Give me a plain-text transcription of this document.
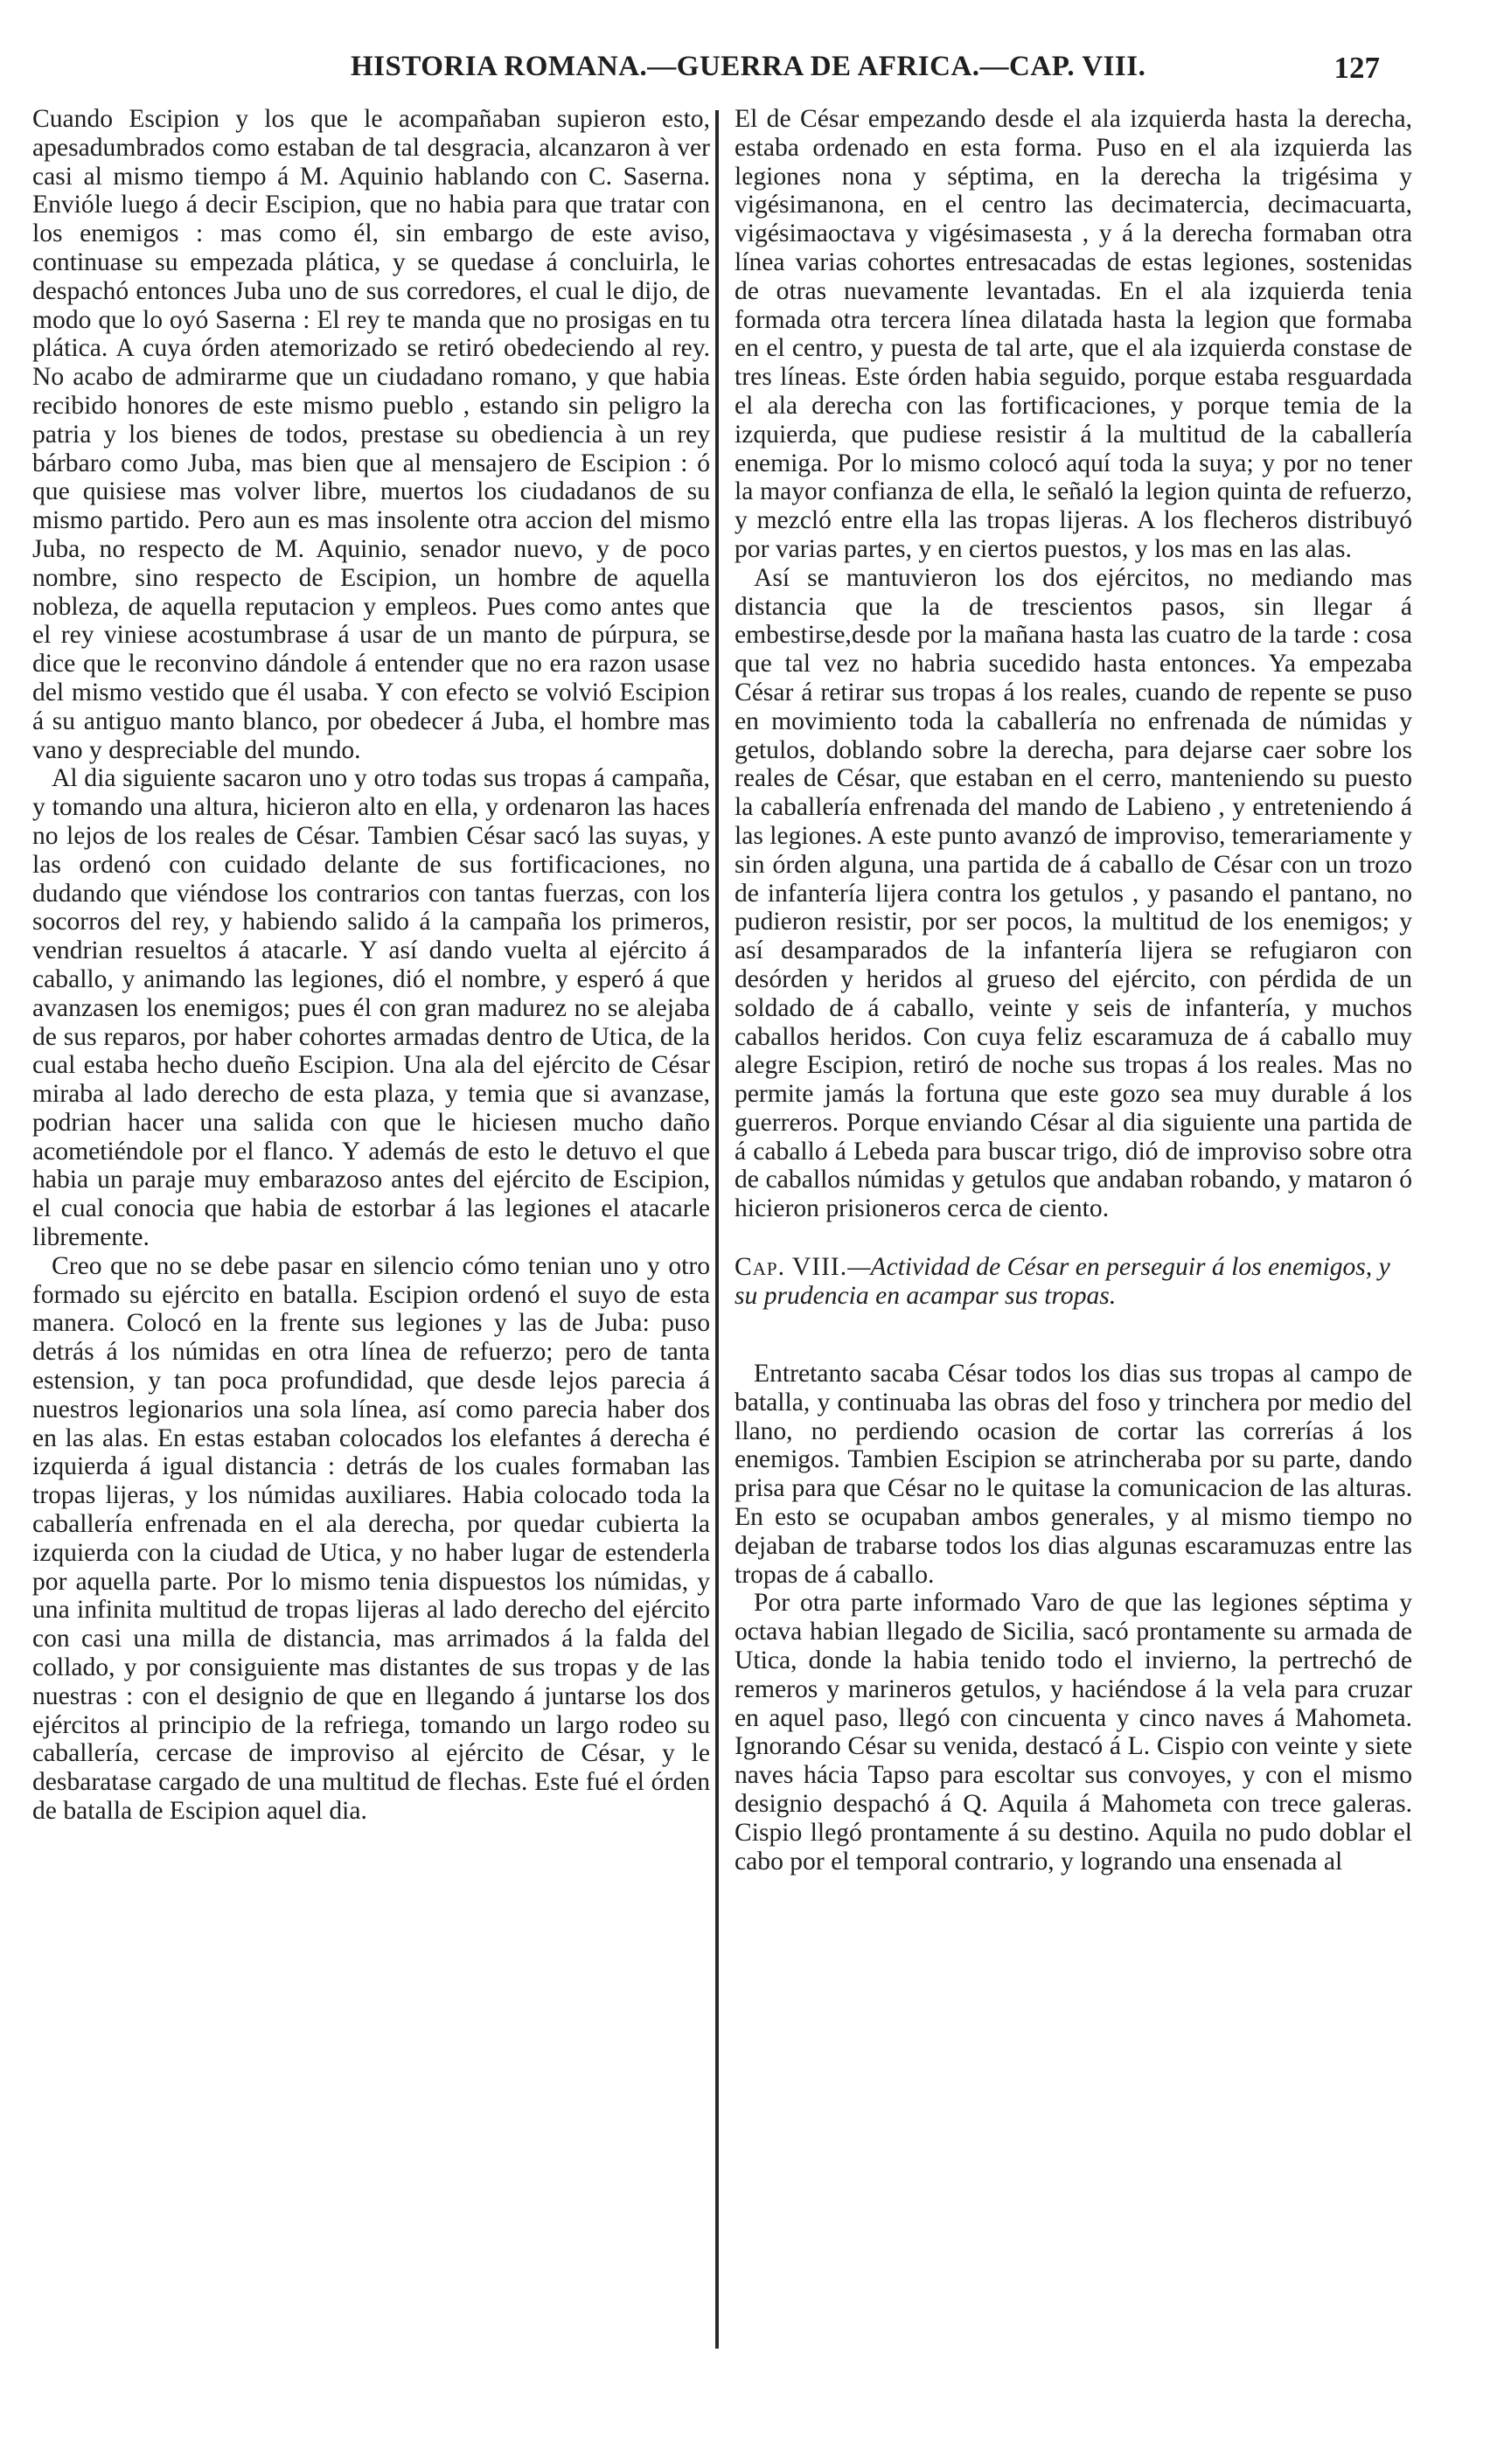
HISTORIA ROMANA.—GUERRA DE AFRICA.—CAP. VIII.	127

Cuando Escipion y los que le acompañaban supieron esto, apesadumbrados como estaban de tal desgracia, alcanzaron à ver casi al mismo tiempo á M. Aquinio hablando con C. Saserna. Envióle luego á decir Escipion, que no habia para que tratar con los enemigos : mas como él, sin embargo de este aviso, continuase su empezada plática, y se quedase á concluirla, le despachó entonces Juba uno de sus corredores, el cual le dijo, de modo que lo oyó Saserna : El rey te manda que no prosigas en tu plática. A cuya órden atemorizado se retiró obedeciendo al rey. No acabo de admirarme que un ciudadano romano, y que habia recibido honores de este mismo pueblo , estando sin peligro la patria y los bienes de todos, prestase su obediencia à un rey bárbaro como Juba, mas bien que al mensajero de Escipion : ó que quisiese mas volver libre, muertos los ciudadanos de su mismo partido. Pero aun es mas insolente otra accion del mismo Juba, no respecto de M. Aquinio, senador nuevo, y de poco nombre, sino respecto de Escipion, un hombre de aquella nobleza, de aquella reputacion y empleos. Pues como antes que el rey viniese acostumbrase á usar de un manto de púrpura, se dice que le reconvino dándole á entender que no era razon usase del mismo vestido que él usaba. Y con efecto se volvió Escipion á su antiguo manto blanco, por obedecer á Juba, el hombre mas vano y despreciable del mundo.

Al dia siguiente sacaron uno y otro todas sus tropas á campaña, y tomando una altura, hicieron alto en ella, y ordenaron las haces no lejos de los reales de César. Tambien César sacó las suyas, y las ordenó con cuidado delante de sus fortificaciones, no dudando que viéndose los contrarios con tantas fuerzas, con los socorros del rey, y habiendo salido á la campaña los primeros, vendrian resueltos á atacarle. Y así dando vuelta al ejército á caballo, y animando las legiones, dió el nombre, y esperó á que avanzasen los enemigos; pues él con gran madurez no se alejaba de sus reparos, por haber cohortes armadas dentro de Utica, de la cual estaba hecho dueño Escipion. Una ala del ejército de César miraba al lado derecho de esta plaza, y temia que si avanzase, podrian hacer una salida con que le hiciesen mucho daño acometiéndole por el flanco. Y además de esto le detuvo el que habia un paraje muy embarazoso antes del ejército de Escipion, el cual conocia que habia de estorbar á las legiones el atacarle libremente.

Creo que no se debe pasar en silencio cómo tenian uno y otro formado su ejército en batalla. Escipion ordenó el suyo de esta manera. Colocó en la frente sus legiones y las de Juba: puso detrás á los númidas en otra línea de refuerzo; pero de tanta estension, y tan poca profundidad, que desde lejos parecia á nuestros legionarios una sola línea, así como parecia haber dos en las alas. En estas estaban colocados los elefantes á derecha é izquierda á igual distancia : detrás de los cuales formaban las tropas lijeras, y los númidas auxiliares. Habia colocado toda la caballería enfrenada en el ala derecha, por quedar cubierta la izquierda con la ciudad de Utica, y no haber lugar de estenderla por aquella parte. Por lo mismo tenia dispuestos los númidas, y una infinita multitud de tropas lijeras al lado derecho del ejército con casi una milla de distancia, mas arrimados á la falda del collado, y por consiguiente mas distantes de sus tropas y de las nuestras : con el designio de que en llegando á juntarse los dos ejércitos al principio de la refriega, tomando un largo rodeo su caballería, cercase de improviso al ejército de César, y le desbaratase cargado de una multitud de flechas. Este fué el órden de batalla de Escipion aquel dia.

El de César empezando desde el ala izquierda hasta la derecha, estaba ordenado en esta forma. Puso en el ala izquierda las legiones nona y séptima, en la derecha la trigésima y vigésimanona, en el centro las decimatercia, decimacuarta, vigésimaoctava y vigésimasesta , y á la derecha formaban otra línea varias cohortes entresacadas de estas legiones, sostenidas de otras nuevamente levantadas. En el ala izquierda tenia formada otra tercera línea dilatada hasta la legion que formaba en el centro, y puesta de tal arte, que el ala izquierda constase de tres líneas. Este órden habia seguido, porque estaba resguardada el ala derecha con las fortificaciones, y porque temia de la izquierda, que pudiese resistir á la multitud de la caballería enemiga. Por lo mismo colocó aquí toda la suya; y por no tener la mayor confianza de ella, le señaló la legion quinta de refuerzo, y mezcló entre ella las tropas lijeras. A los flecheros distribuyó por varias partes, y en ciertos puestos, y los mas en las alas.

Así se mantuvieron los dos ejércitos, no mediando mas distancia que la de trescientos pasos, sin llegar á embestirse,desde por la mañana hasta las cuatro de la tarde : cosa que tal vez no habria sucedido hasta entonces. Ya empezaba César á retirar sus tropas á los reales, cuando de repente se puso en movimiento toda la caballería no enfrenada de númidas y getulos, doblando sobre la derecha, para dejarse caer sobre los reales de César, que estaban en el cerro, manteniendo su puesto la caballería enfrenada del mando de Labieno , y entreteniendo á las legiones. A este punto avanzó de improviso, temerariamente y sin órden alguna, una partida de á caballo de César con un trozo de infantería lijera contra los getulos , y pasando el pantano, no pudieron resistir, por ser pocos, la multitud de los enemigos; y así desamparados de la infantería lijera se refugiaron con desórden y heridos al grueso del ejército, con pérdida de un soldado de á caballo, veinte y seis de infantería, y muchos caballos heridos. Con cuya feliz escaramuza de á caballo muy alegre Escipion, retiró de noche sus tropas á los reales. Mas no permite jamás la fortuna que este gozo sea muy durable á los guerreros. Porque enviando César al dia siguiente una partida de á caballo á Lebeda para buscar trigo, dió de improviso sobre otra de caballos númidas y getulos que andaban robando, y mataron ó hicieron prisioneros cerca de ciento.

Cap. VIII.—Actividad de César en perseguir á los enemigos, y su prudencia en acampar sus tropas.

Entretanto sacaba César todos los dias sus tropas al campo de batalla, y continuaba las obras del foso y trinchera por medio del llano, no perdiendo ocasion de cortar las correrías á los enemigos. Tambien Escipion se atrincheraba por su parte, dando prisa para que César no le quitase la comunicacion de las alturas. En esto se ocupaban ambos generales, y al mismo tiempo no dejaban de trabarse todos los dias algunas escaramuzas entre las tropas de á caballo.

Por otra parte informado Varo de que las legiones séptima y octava habian llegado de Sicilia, sacó prontamente su armada de Utica, donde la habia tenido todo el invierno, la pertrechó de remeros y marineros getulos, y haciéndose á la vela para cruzar en aquel paso, llegó con cincuenta y cinco naves á Mahometa. Ignorando César su venida, destacó á L. Cispio con veinte y siete naves hácia Tapso para escoltar sus convoyes, y con el mismo designio despachó á Q. Aquila á Mahometa con trece galeras. Cispio llegó prontamente á su destino. Aquila no pudo doblar el cabo por el temporal contrario, y logrando una ensenada al
